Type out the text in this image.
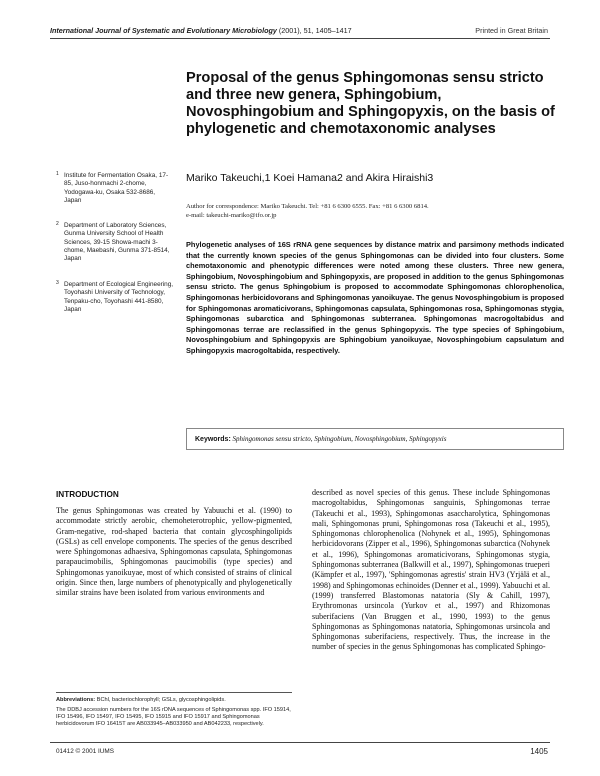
International Journal of Systematic and Evolutionary Microbiology (2001), 51, 1405–1417	Printed in Great Britain
Proposal of the genus Sphingomonas sensu stricto and three new genera, Sphingobium, Novosphingobium and Sphingopyxis, on the basis of phylogenetic and chemotaxonomic analyses
Mariko Takeuchi,1 Koei Hamana2 and Akira Hiraishi3
Author for correspondence: Mariko Takeuchi. Tel: +81 6 6300 6555. Fax: +81 6 6300 6814.
e-mail: takeuchi-mariko@ifo.or.jp
1 Institute for Fermentation Osaka, 17-85, Juso-honmachi 2-chome, Yodogawa-ku, Osaka 532-8686, Japan
2 Department of Laboratory Sciences, Gunma University School of Health Sciences, 39-15 Showa-machi 3-chome, Maebashi, Gunma 371-8514, Japan
3 Department of Ecological Engineering, Toyohashi University of Technology, Tenpaku-cho, Toyohashi 441-8580, Japan
Phylogenetic analyses of 16S rRNA gene sequences by distance matrix and parsimony methods indicated that the currently known species of the genus Sphingomonas can be divided into four clusters. Some chemotaxonomic and phenotypic differences were noted among these clusters. Three new genera, Sphingobium, Novosphingobium and Sphingopyxis, are proposed in addition to the genus Sphingomonas sensu stricto. The genus Sphingobium is proposed to accommodate Sphingomonas chlorophenolica, Sphingomonas herbicidovorans and Sphingomonas yanoikuyae. The genus Novosphingobium is proposed for Sphingomonas aromaticivorans, Sphingomonas capsulata, Sphingomonas rosa, Sphingomonas stygia, Sphingomonas subarctica and Sphingomonas subterranea. Sphingomonas macrogoltabidus and Sphingomonas terrae are reclassified in the genus Sphingopyxis. The type species of Sphingobium, Novosphingobium and Sphingopyxis are Sphingobium yanoikuyae, Novosphingobium capsulatum and Sphingopyxis macrogoltabida, respectively.
Keywords: Sphingomonas sensu stricto, Sphingobium, Novosphingobium, Sphingopyxis
INTRODUCTION
The genus Sphingomonas was created by Yabuuchi et al. (1990) to accommodate strictly aerobic, chemoheterotrophic, yellow-pigmented, Gram-negative, rod-shaped bacteria that contain glycosphingolipids (GSLs) as cell envelope components. The species of the genus described were Sphingomonas adhaesiva, Sphingomonas capsulata, Sphingomonas parapaucimobilis, Sphingomonas paucimobilis (type species) and Sphingomonas yanoikuyae, most of which consisted of strains of clinical origin. Since then, large numbers of phenotypically and phylogenetically similar strains have been isolated from various environments and
described as novel species of this genus. These include Sphingomonas macrogoltabidus, Sphingomonas sanguinis, Sphingomonas terrae (Takeuchi et al., 1993), Sphingomonas asaccharolytica, Sphingomonas mali, Sphingomonas pruni, Sphingomonas rosa (Takeuchi et al., 1995), Sphingomonas chlorophenolica (Nohynek et al., 1995), Sphingomonas herbicidovorans (Zipper et al., 1996), Sphingomonas subarctica (Nohynek et al., 1996), Sphingomonas aromaticivorans, Sphingomonas stygia, Sphingomonas subterranea (Balkwill et al., 1997), Sphingomonas trueperi (Kämpfer et al., 1997), 'Sphingomonas agrestis' strain HV3 (Yrjälä et al., 1998) and Sphingomonas echinoides (Denner et al., 1999). Yabuuchi et al. (1999) transferred Blastomonas natatoria (Sly & Cahill, 1997), Erythromonas ursincola (Yurkov et al., 1997) and Rhizomonas suberifaciens (Van Bruggen et al., 1990, 1993) to the genus Sphingomonas as Sphingomonas natatoria, Sphingomonas ursincola and Sphingomonas suberifaciens, respectively. Thus, the increase in the number of species in the genus Sphingomonas has complicated Sphingo-
Abbreviations: BChl, bacteriochlorophyll; GSLs, glycosphingolipids.
The DDBJ accession numbers for the 16S rDNA sequences of Sphingomonas spp. IFO 15914, IFO 15496, IFO 15497, IFO 15495, IFO 15915 and IFO 15917 and Sphingomonas herbicidovorum IFO 16415T are AB033945–AB033950 and AB042233, respectively.
01412 © 2001 IUMS	1405
